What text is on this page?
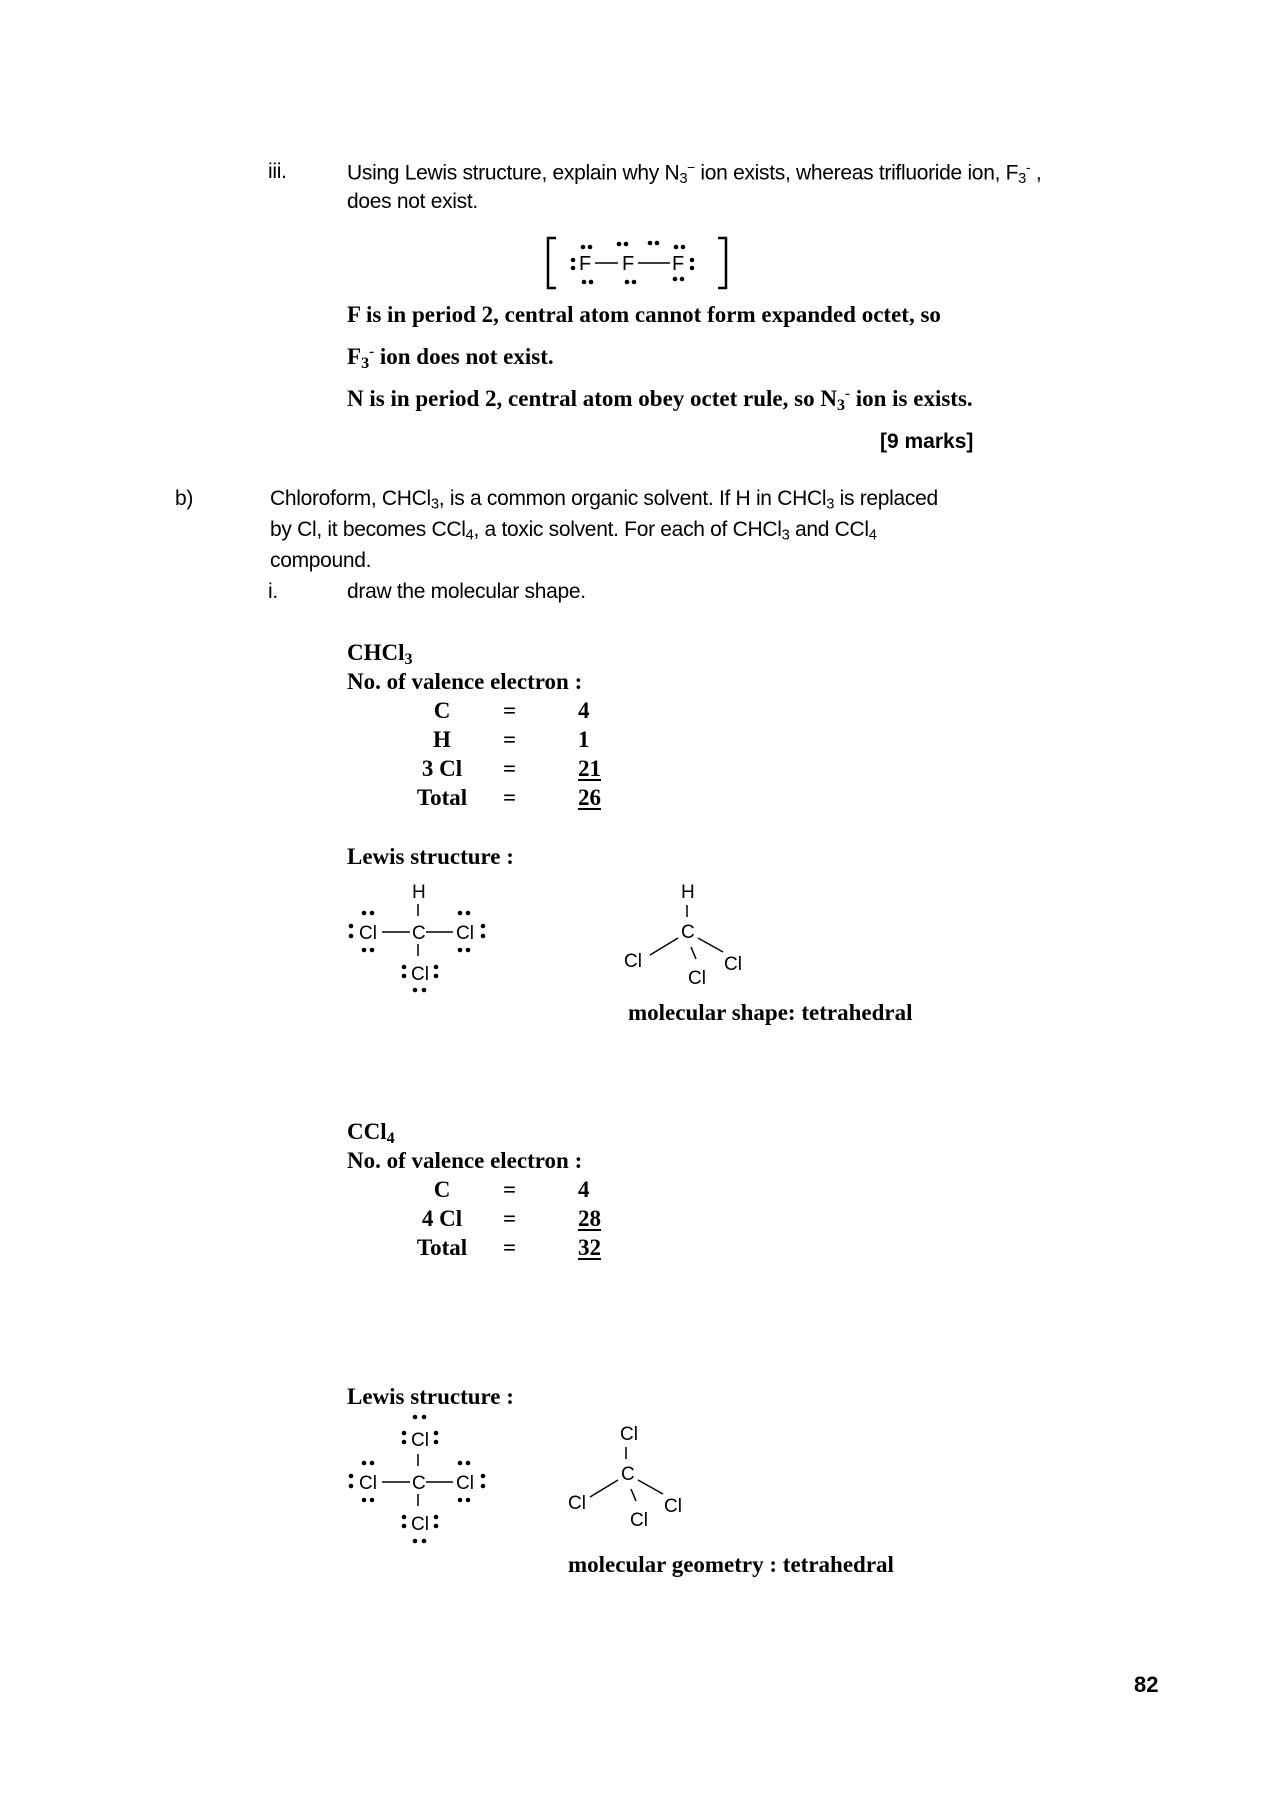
iii.	Using Lewis structure, explain why $N_3^-$ ion exists, whereas trifluoride ion, $F_3^-$ ,
does not exist.
F F F
F is in period 2, central atom cannot form expanded octet, so
$F_3^-$ ion does not exist.
N is in period 2, central atom obey octet rule, so $N_3^-$ ion is exists.
[9 marks]
b)	Chloroform, CHCl$_3$, is a common organic solvent. If H in CHCl$_3$ is replaced
by Cl, it becomes CCl$_4$, a toxic solvent. For each of CHCl$_3$ and CCl$_4$
compound.
i.	draw the molecular shape.
CHCl$_3$
No. of valence electron :
C	=	4
H	=	1
3 Cl	=	21
Total	=	26
Lewis structure :
H
C
Cl	Cl
Cl
H
C
Cl	Cl
Cl
molecular shape: tetrahedral
CCl$_4$
No. of valence electron :
C	=	4
4 Cl	=	28
Total	=	32
Lewis structure :
Cl
C
Cl	Cl
Cl
Cl
C
Cl	Cl
Cl
molecular geometry : tetrahedral
82
